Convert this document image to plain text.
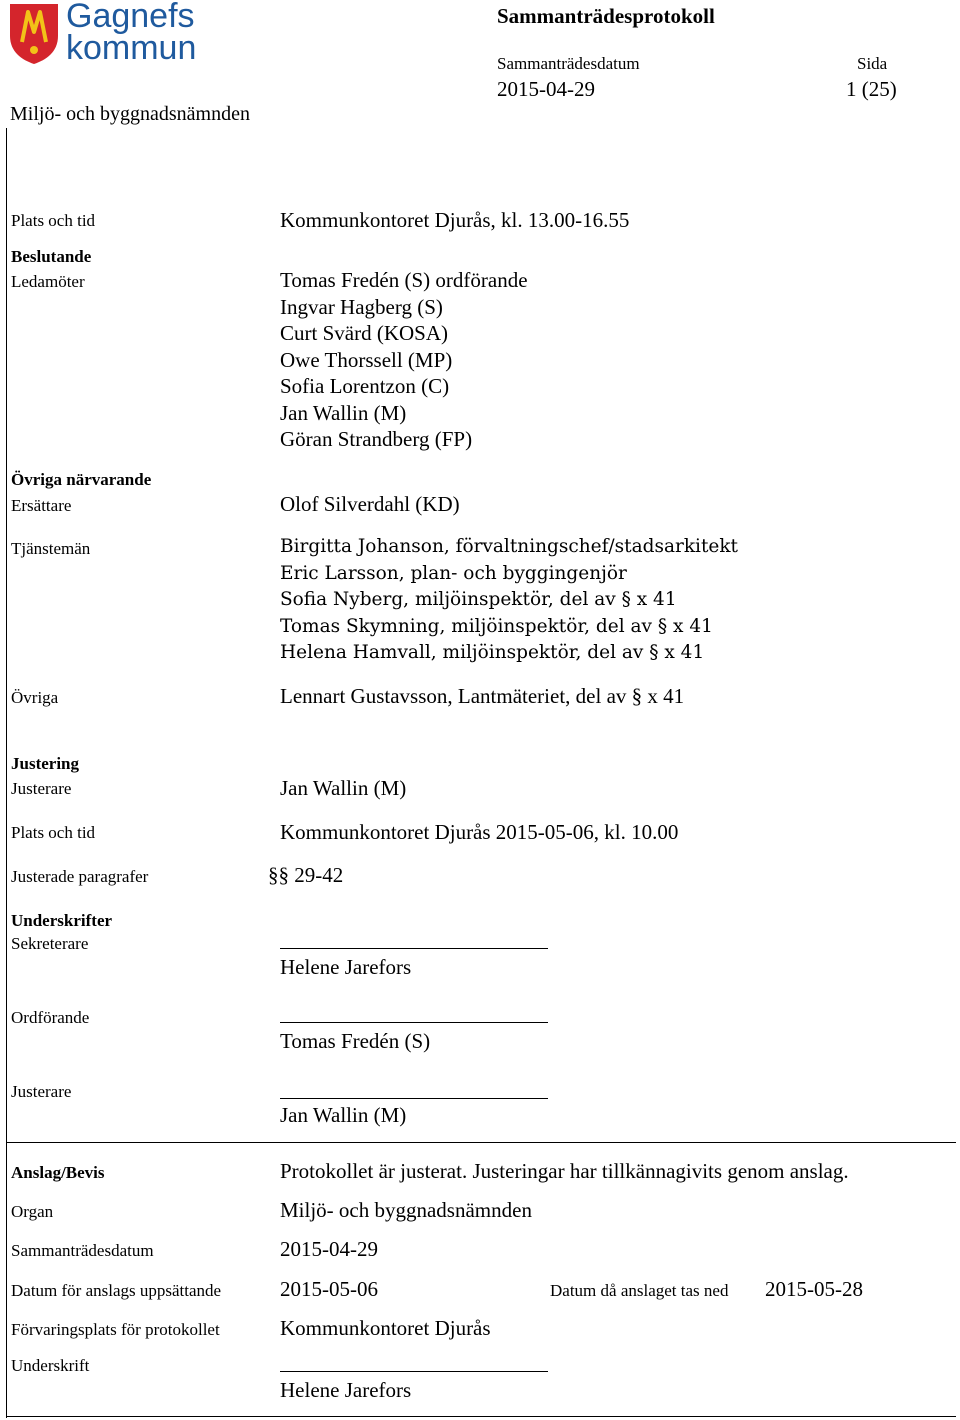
Gagnefs
kommun
Sammanträdesprotokoll
Sammanträdesdatum
2015-04-29
Sida
1 (25)
Miljö- och byggnadsnämnden
Plats och tid	Kommunkontoret Djurås, kl. 13.00-16.55
Beslutande
Ledamöter	Tomas Fredén (S) ordförande
Ingvar Hagberg (S)
Curt Svärd (KOSA)
Owe Thorssell (MP)
Sofia Lorentzon (C)
Jan Wallin (M)
Göran Strandberg (FP)
Övriga närvarande
Ersättare	Olof Silverdahl (KD)
Tjänstemän	Birgitta Johanson, förvaltningschef/stadsarkitekt
Eric Larsson, plan- och byggingenjör
Sofia Nyberg, miljöinspektör, del av § x 41
Tomas Skymning, miljöinspektör, del av § x 41
Helena Hamvall, miljöinspektör, del av § x 41
Övriga	Lennart Gustavsson, Lantmäteriet, del av § x 41
Justering
Justerare	Jan Wallin (M)
Plats och tid	Kommunkontoret Djurås 2015-05-06, kl. 10.00
Justerade paragrafer	§§ 29-42
Underskrifter
Sekreterare
Helene Jarefors
Ordförande
Tomas Fredén (S)
Justerare
Jan Wallin (M)
Anslag/Bevis	Protokollet är justerat. Justeringar har tillkännagivits genom anslag.
Organ	Miljö- och byggnadsnämnden
Sammanträdesdatum	2015-04-29
Datum för anslags uppsättande	2015-05-06	Datum då anslaget tas ned 2015-05-28
Förvaringsplats för protokollet	Kommunkontoret Djurås
Underskrift
Helene Jarefors
